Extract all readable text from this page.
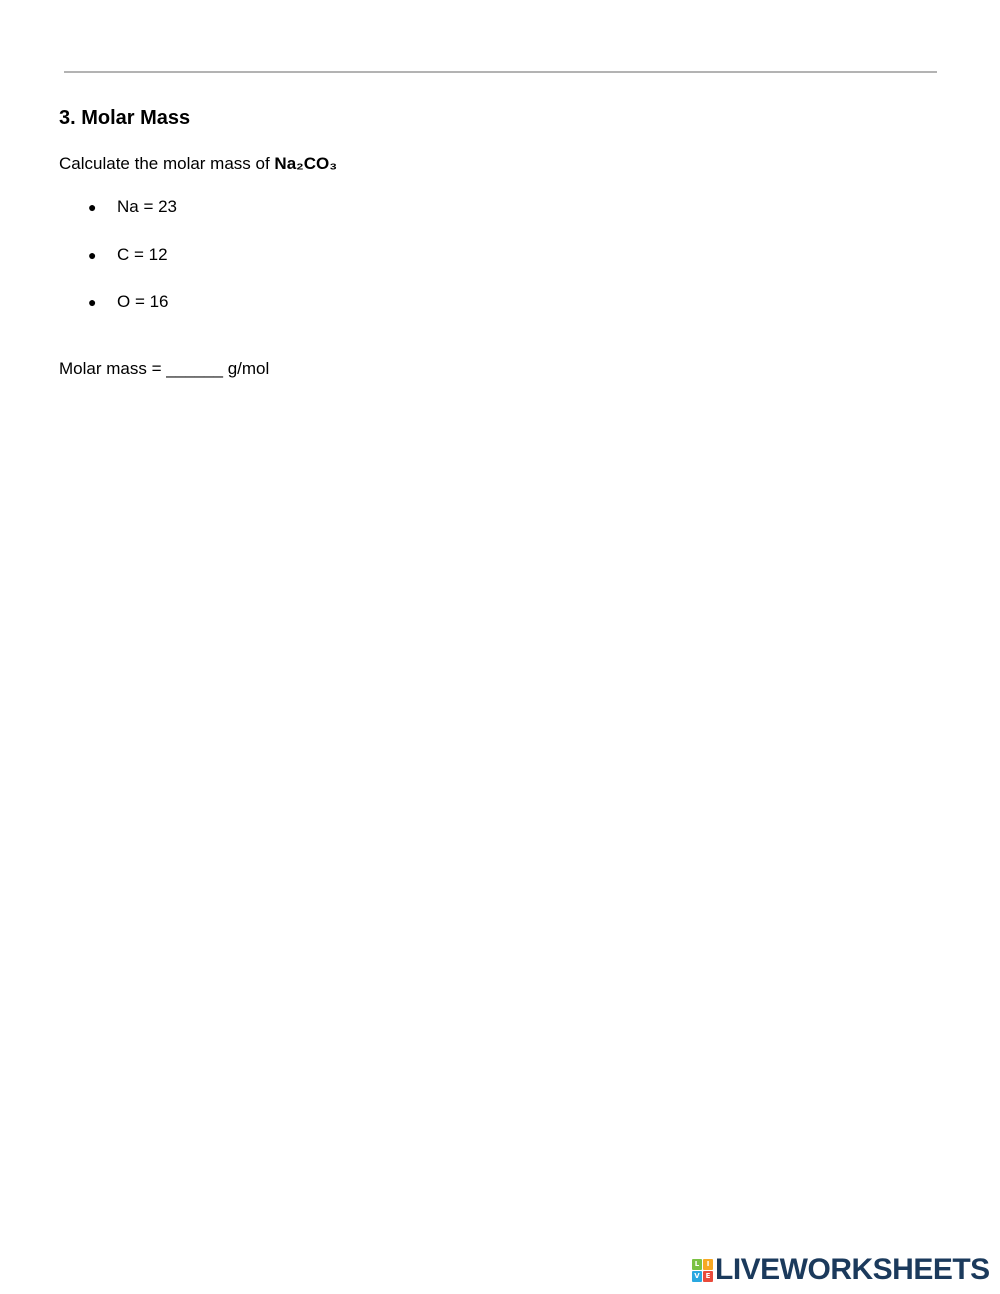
3. Molar Mass

Calculate the molar mass of Na₂CO₃

● Na = 23
● C = 12
● O = 16

Molar mass = ______ g/mol

L	I
V E LIVEWORKSHEETS
